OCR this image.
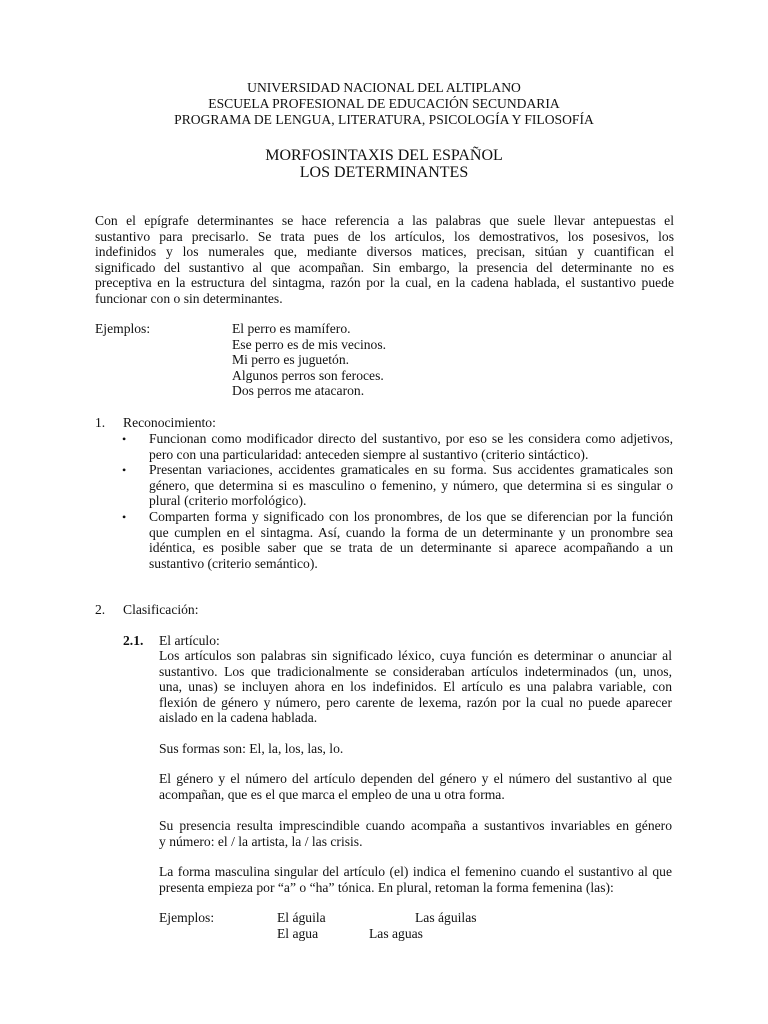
UNIVERSIDAD NACIONAL DEL ALTIPLANO
ESCUELA PROFESIONAL DE EDUCACIÓN SECUNDARIA
PROGRAMA DE LENGUA, LITERATURA, PSICOLOGÍA Y FILOSOFÍA
MORFOSINTAXIS DEL ESPAÑOL
LOS DETERMINANTES
Con el epígrafe determinantes se hace referencia a las palabras que suele llevar antepuestas el
sustantivo para precisarlo. Se trata pues de los artículos, los demostrativos, los posesivos, los
indefinidos y los numerales que, mediante diversos matices, precisan, sitúan y cuantifican el
significado del sustantivo al que acompañan. Sin embargo, la presencia del determinante no es
preceptiva en la estructura del sintagma, razón por la cual, en la cadena hablada, el sustantivo puede
funcionar con o sin determinantes.
Ejemplos:	El perro es mamífero.
Ese perro es de mis vecinos.
Mi perro es juguetón.
Algunos perros son feroces.
Dos perros me atacaron.
1. Reconocimiento:
• Funcionan como modificador directo del sustantivo, por eso se les considera como adjetivos,
pero con una particularidad: anteceden siempre al sustantivo (criterio sintáctico).
• Presentan variaciones, accidentes gramaticales en su forma. Sus accidentes gramaticales son
género, que determina si es masculino o femenino, y número, que determina si es singular o
plural (criterio morfológico).
• Comparten forma y significado con los pronombres, de los que se diferencian por la función
que cumplen en el sintagma. Así, cuando la forma de un determinante y un pronombre sea
idéntica, es posible saber que se trata de un determinante si aparece acompañando a un
sustantivo (criterio semántico).
2. Clasificación:
2.1. El artículo:
Los artículos son palabras sin significado léxico, cuya función es determinar o anunciar al
sustantivo. Los que tradicionalmente se consideraban artículos indeterminados (un, unos,
una, unas) se incluyen ahora en los indefinidos. El artículo es una palabra variable, con
flexión de género y número, pero carente de lexema, razón por la cual no puede aparecer
aislado en la cadena hablada.
Sus formas son: El, la, los, las, lo.
El género y el número del artículo dependen del género y el número del sustantivo al que
acompañan, que es el que marca el empleo de una u otra forma.
Su presencia resulta imprescindible cuando acompaña a sustantivos invariables en género
y número: el / la artista, la / las crisis.
La forma masculina singular del artículo (el) indica el femenino cuando el sustantivo al que
presenta empieza por “a” o “ha” tónica. En plural, retoman la forma femenina (las):
Ejemplos:	El águila	Las águilas
El agua	Las aguas
